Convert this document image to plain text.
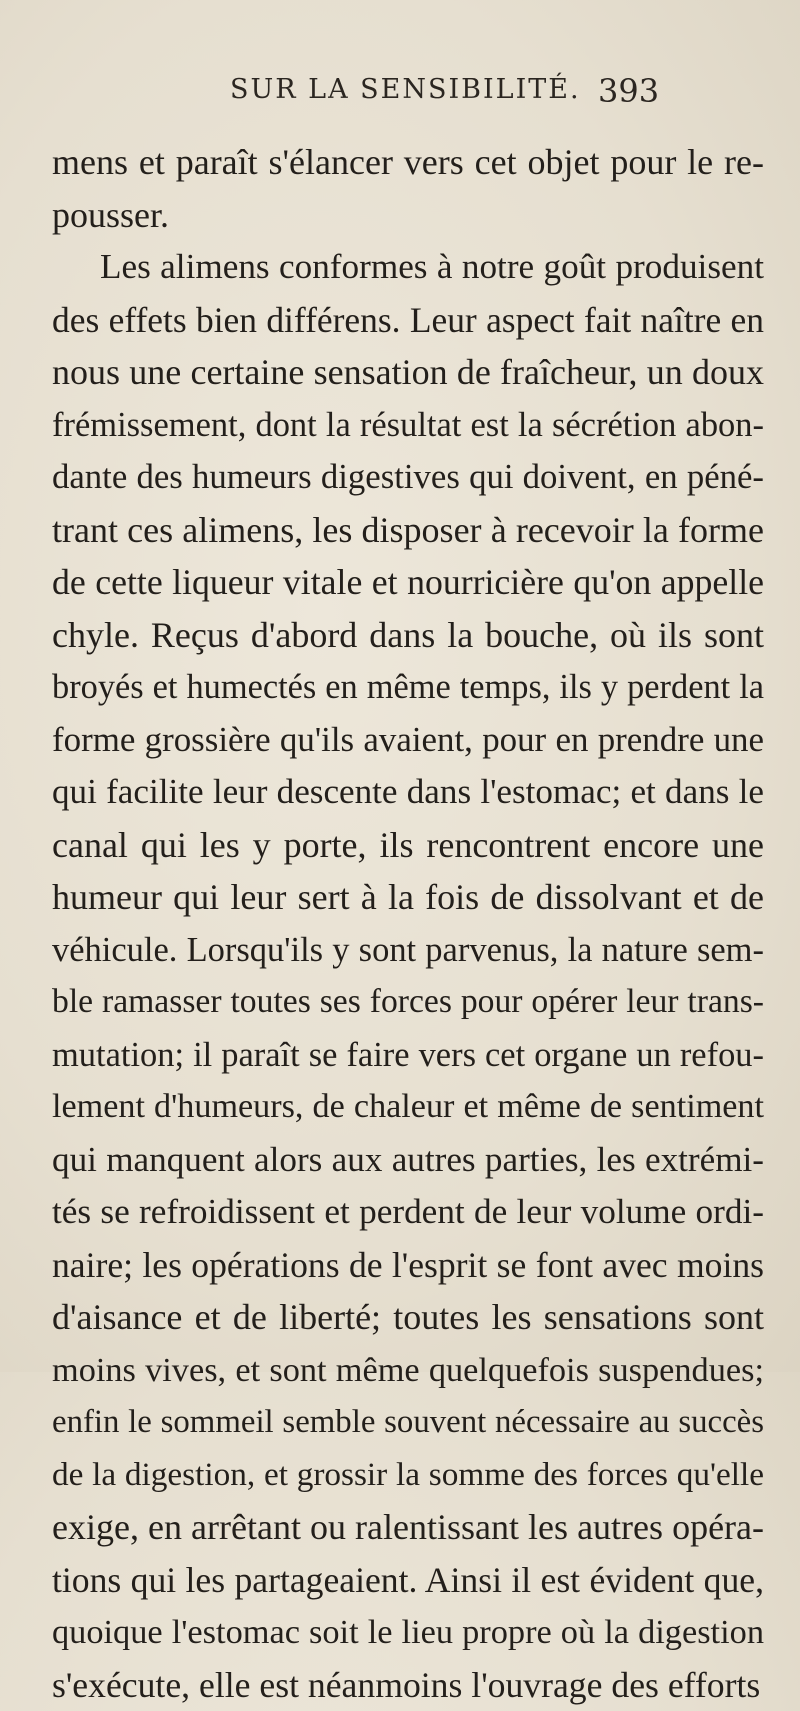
SUR LA SENSIBILITÉ. 393
mens et paraît s'élancer vers cet objet pour le re-
pousser.
Les alimens conformes à notre goût produisent
des effets bien différens. Leur aspect fait naître en
nous une certaine sensation de fraîcheur, un doux
frémissement, dont la résultat est la sécrétion abon-
dante des humeurs digestives qui doivent, en péné-
trant ces alimens, les disposer à recevoir la forme
de cette liqueur vitale et nourricière qu'on appelle
chyle. Reçus d'abord dans la bouche, où ils sont
broyés et humectés en même temps, ils y perdent la
forme grossière qu'ils avaient, pour en prendre une
qui facilite leur descente dans l'estomac; et dans le
canal qui les y porte, ils rencontrent encore une
humeur qui leur sert à la fois de dissolvant et de
véhicule. Lorsqu'ils y sont parvenus, la nature sem-
ble ramasser toutes ses forces pour opérer leur trans-
mutation; il paraît se faire vers cet organe un refou-
lement d'humeurs, de chaleur et même de sentiment
qui manquent alors aux autres parties, les extrémi-
tés se refroidissent et perdent de leur volume ordi-
naire; les opérations de l'esprit se font avec moins
d'aisance et de liberté; toutes les sensations sont
moins vives, et sont même quelquefois suspendues;
enfin le sommeil semble souvent nécessaire au succès
de la digestion, et grossir la somme des forces qu'elle
exige, en arrêtant ou ralentissant les autres opéra-
tions qui les partageaient. Ainsi il est évident que,
quoique l'estomac soit le lieu propre où la digestion
s'exécute, elle est néanmoins l'ouvrage des efforts
